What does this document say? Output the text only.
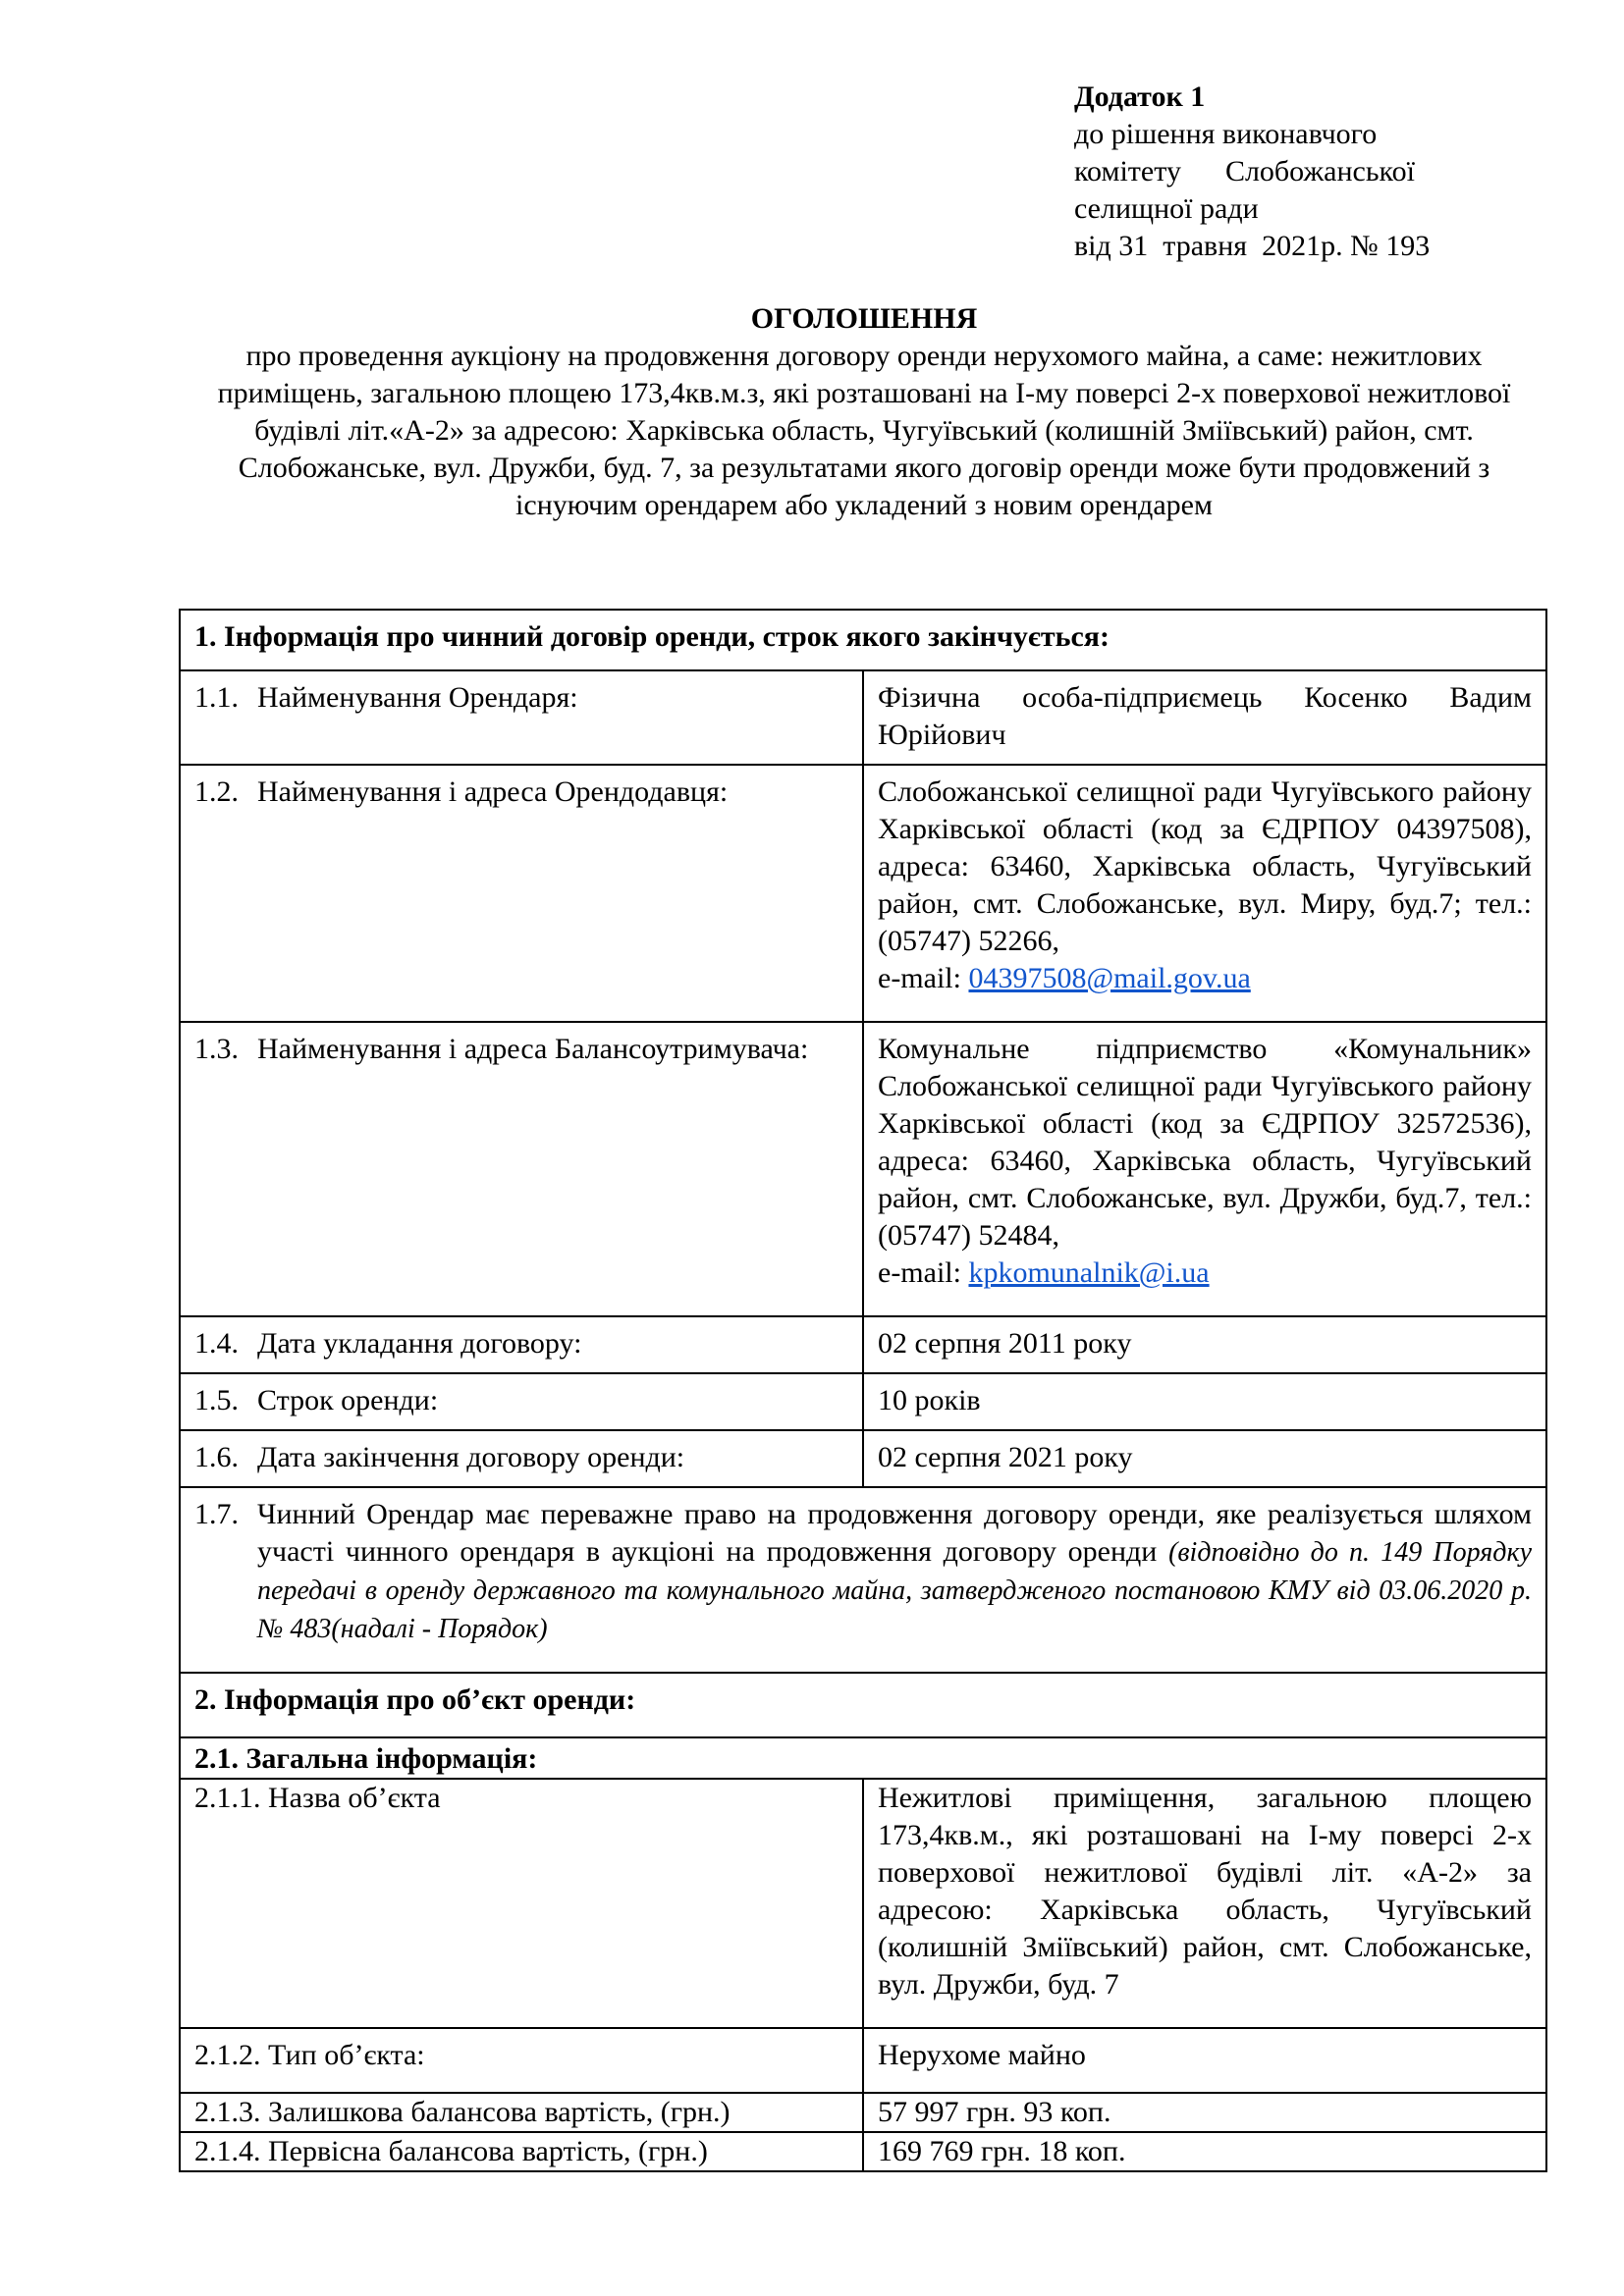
Додаток 1
до рішення виконавчого
комітету      Слобожанської
селищної ради
від 31  травня  2021р. № 193
ОГОЛОШЕННЯ
про проведення аукціону на продовження договору оренди нерухомого майна, а саме: нежитлових приміщень, загальною площею 173,4кв.м.з, які розташовані на І-му поверсі 2-х поверхової нежитлової будівлі літ.«А-2» за адресою: Харківська область, Чугуївський (колишній Зміївський) район, смт. Слобожанське, вул. Дружби, буд. 7, за результатами якого договір оренди може бути продовжений з існуючим орендарем або укладений з новим орендарем
1. Інформація про чинний договір оренди, строк якого закінчується:	
1.1. Найменування Орендаря:	Фізична особа-підприємець Косенко Вадим Юрійович
1.2. Найменування і адреса Орендодавця:	Слобожанської селищної ради Чугуївського району Харківської області (код за ЄДРПОУ 04397508), адреса: 63460, Харківська область, Чугуївський район, смт. Слобожанське, вул. Миру, буд.7; тел.: (05747) 52266,
e-mail: 04397508@mail.gov.ua
1.3. Найменування і адреса Балансоутримувача:	Комунальне підприємство «Комунальник» Слобожанської селищної ради Чугуївського району Харківської області (код за ЄДРПОУ 32572536), адреса: 63460, Харківська область, Чугуївський район, смт. Слобожанське, вул. Дружби, буд.7, тел.: (05747) 52484,
e-mail: kpkomunalnik@i.ua
1.4. Дата укладання договору:	02 серпня 2011 року
1.5. Строк оренди:	10 років
1.6. Дата закінчення договору оренди:	02 серпня 2021 року

1.7. Чинний Орендар має переважне право на продовження договору оренди, яке реалізується шляхом участі чинного орендаря в аукціоні на продовження договору оренди (відповідно до п. 149 Порядку передачі в оренду державного та комунального майна, затвердженого постановою КМУ від 03.06.2020 р. № 483(надалі - Порядок)	

2. Інформація про об’єкт оренди:	
2.1. Загальна інформація:	
2.1.1. Назва об’єкта	Нежитлові приміщення, загальною площею 173,4кв.м., які розташовані на І-му поверсі 2-х поверхової нежитлової будівлі літ. «А-2» за адресою: Харківська область, Чугуївський (колишній Зміївський) район, смт. Слобожанське, вул. Дружби, буд. 7
2.1.2. Тип об’єкта:	Нерухоме майно
2.1.3. Залишкова балансова вартість, (грн.)	57 997 грн. 93 коп.
2.1.4. Первісна балансова вартість, (грн.)	169 769 грн. 18 коп.
